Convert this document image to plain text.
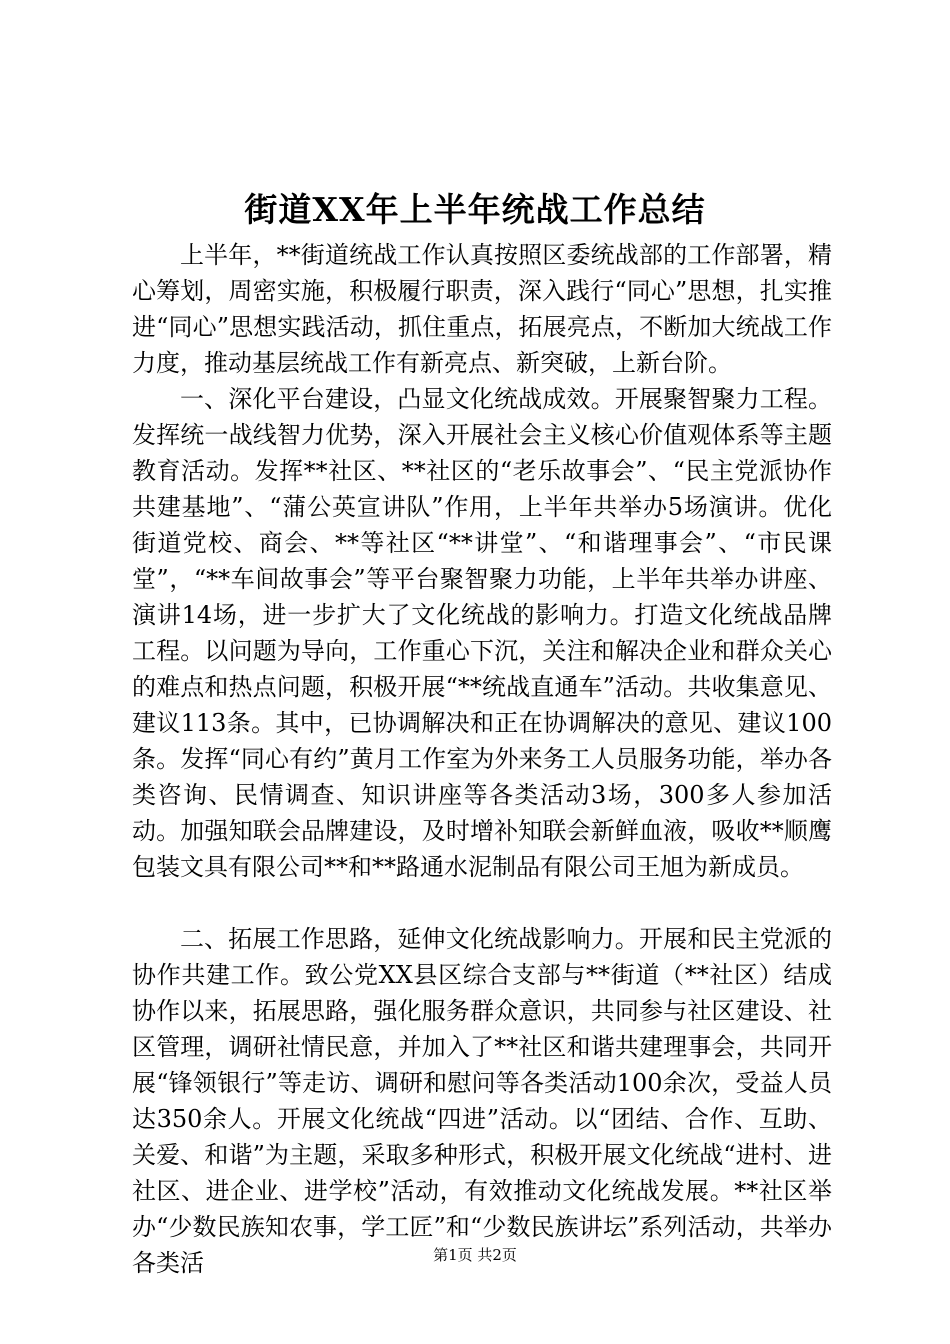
街道XX年上半年统战工作总结

上半年，**街道统战工作认真按照区委统战部的工作部署，精心筹划，周密实施，积极履行职责，深入践行“同心”思想，扎实推进“同心”思想实践活动，抓住重点，拓展亮点，不断加大统战工作力度，推动基层统战工作有新亮点、新突破，上新台阶。

一、深化平台建设，凸显文化统战成效。开展聚智聚力工程。发挥统一战线智力优势，深入开展社会主义核心价值观体系等主题教育活动。发挥**社区、**社区的“老乐故事会”、“民主党派协作共建基地”、“蒲公英宣讲队”作用，上半年共举办5场演讲。优化街道党校、商会、**等社区“**讲堂”、“和谐理事会”、“市民课堂”，“**车间故事会”等平台聚智聚力功能，上半年共举办讲座、演讲14场，进一步扩大了文化统战的影响力。打造文化统战品牌工程。以问题为导向，工作重心下沉，关注和解决企业和群众关心的难点和热点问题，积极开展“**统战直通车”活动。共收集意见、建议113条。其中，已协调解决和正在协调解决的意见、建议100条。发挥“同心有约”黄月工作室为外来务工人员服务功能，举办各类咨询、民情调查、知识讲座等各类活动3场，300多人参加活动。加强知联会品牌建设，及时增补知联会新鲜血液，吸收**顺鹰包装文具有限公司**和**路通水泥制品有限公司王旭为新成员。

二、拓展工作思路，延伸文化统战影响力。开展和民主党派的协作共建工作。致公党XX县区综合支部与**街道（**社区）结成协作以来，拓展思路，强化服务群众意识，共同参与社区建设、社区管理，调研社情民意，并加入了**社区和谐共建理事会，共同开展“锋领银行”等走访、调研和慰问等各类活动100余次，受益人员达350余人。开展文化统战“四进”活动。以“团结、合作、互助、关爱、和谐”为主题，采取多种形式，积极开展文化统战“进村、进社区、进企业、进学校”活动，有效推动文化统战发展。**社区举办“少数民族知农事，学工匠”和“少数民族讲坛”系列活动，共举办各类活	第1页 共2页
